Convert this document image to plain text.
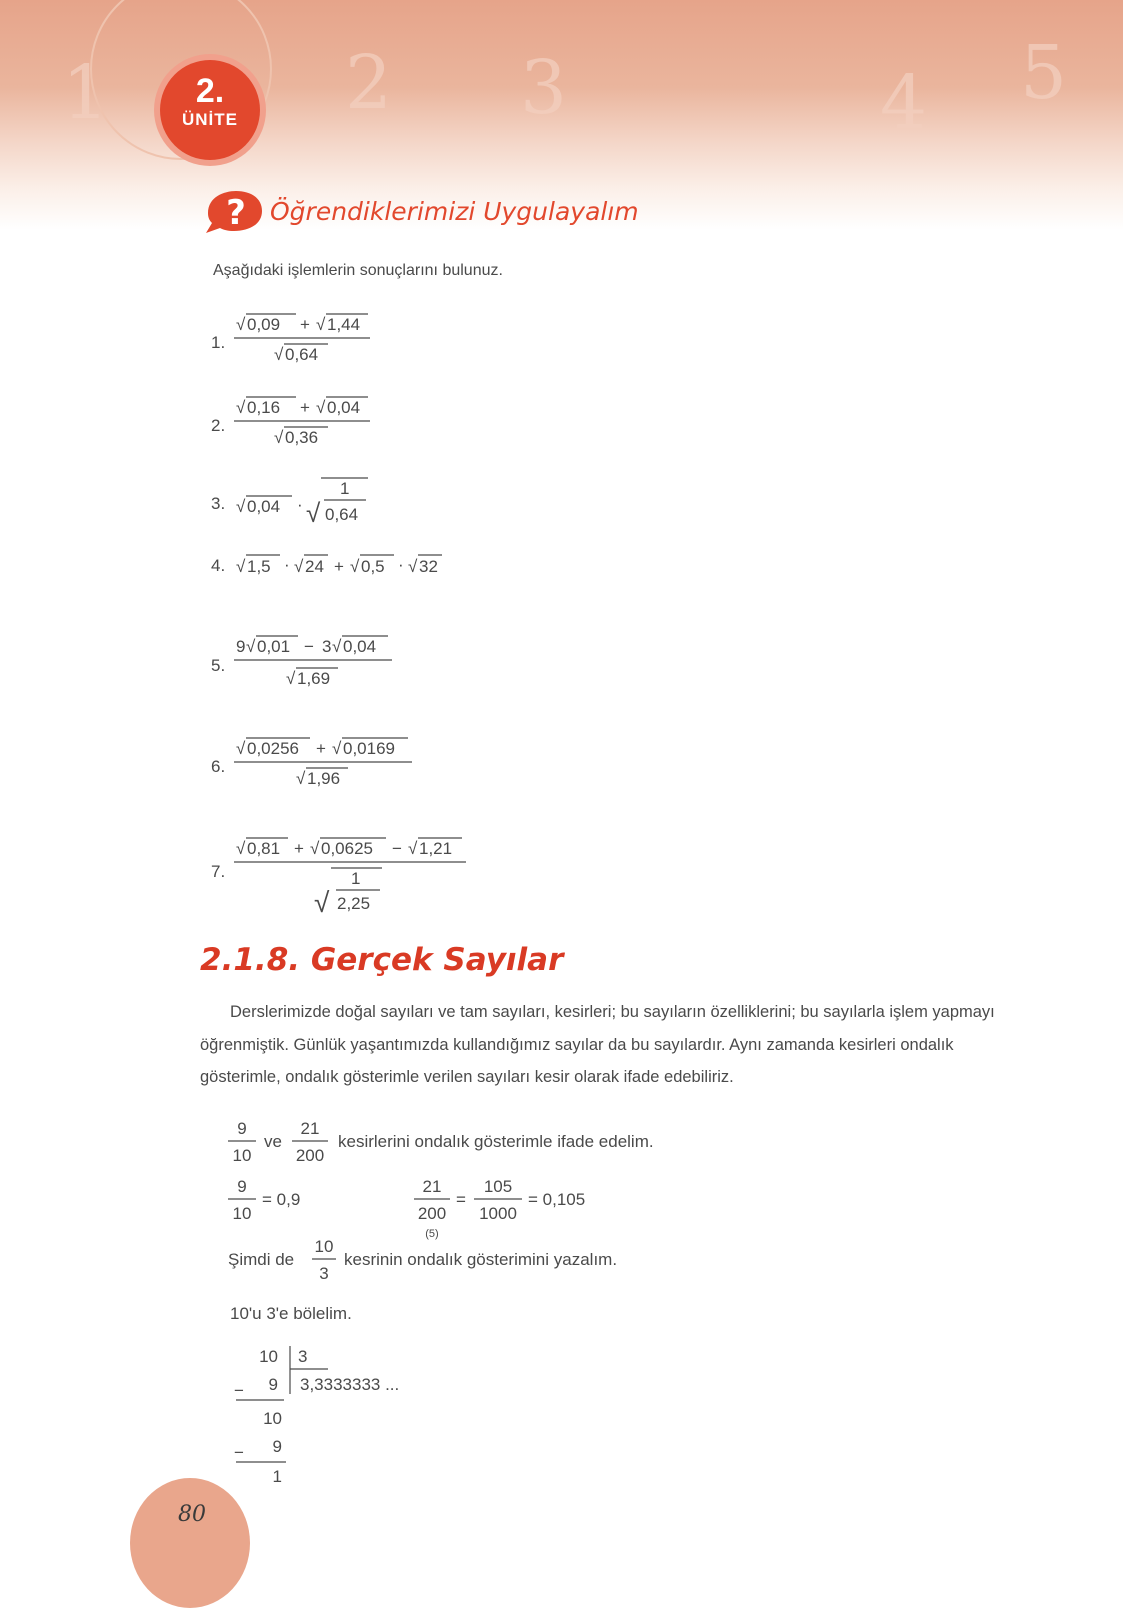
1	2 3	4 5
2.
ÜNİTE
? Öğrendiklerimizi Uygulayalım
Aşağıdaki işlemlerin sonuçlarını bulunuz.
1.
√ 0,09 + √ 1,44
√ 0,64
2.
√ 0,16 + √ 0,04
√ 0,36
3. √ 0,04 · √
1
0,64
4. √ 1,5 · √ 24 + √ 0,5 · √ 32
5.
9 √ 0,01 − 3 √ 0,04
√ 1,69
6.
√ 0,0256 + √ 0,0169
√ 1,96
7.
√ 0,81 + √ 0,0625 − √ 1,21
√
1
2,25
2.1.8. Gerçek Sayılar

Derslerimizde doğal sayıları ve tam sayıları, kesirleri; bu sayıların özelliklerini; bu sayılarla işlem yapmayı öğrenmiştik. Günlük yaşantımızda kullandığımız sayılar da bu sayılardır. Aynı zamanda kesirleri ondalık gösterimle, ondalık gösterimle verilen sayıları kesir olarak ifade edebiliriz.

9
10
ve
21
200
kesirlerini ondalık gösterimle ifade edelim.
9
10
= 0,9
21
200
(5)
=
105
1000
= 0,105
Şimdi de
10
3
kesrinin ondalık gösterimini yazalım.
10'u 3'e bölelim.
10 3
− 9 3,3333333 ...
10
− 9
1
80
